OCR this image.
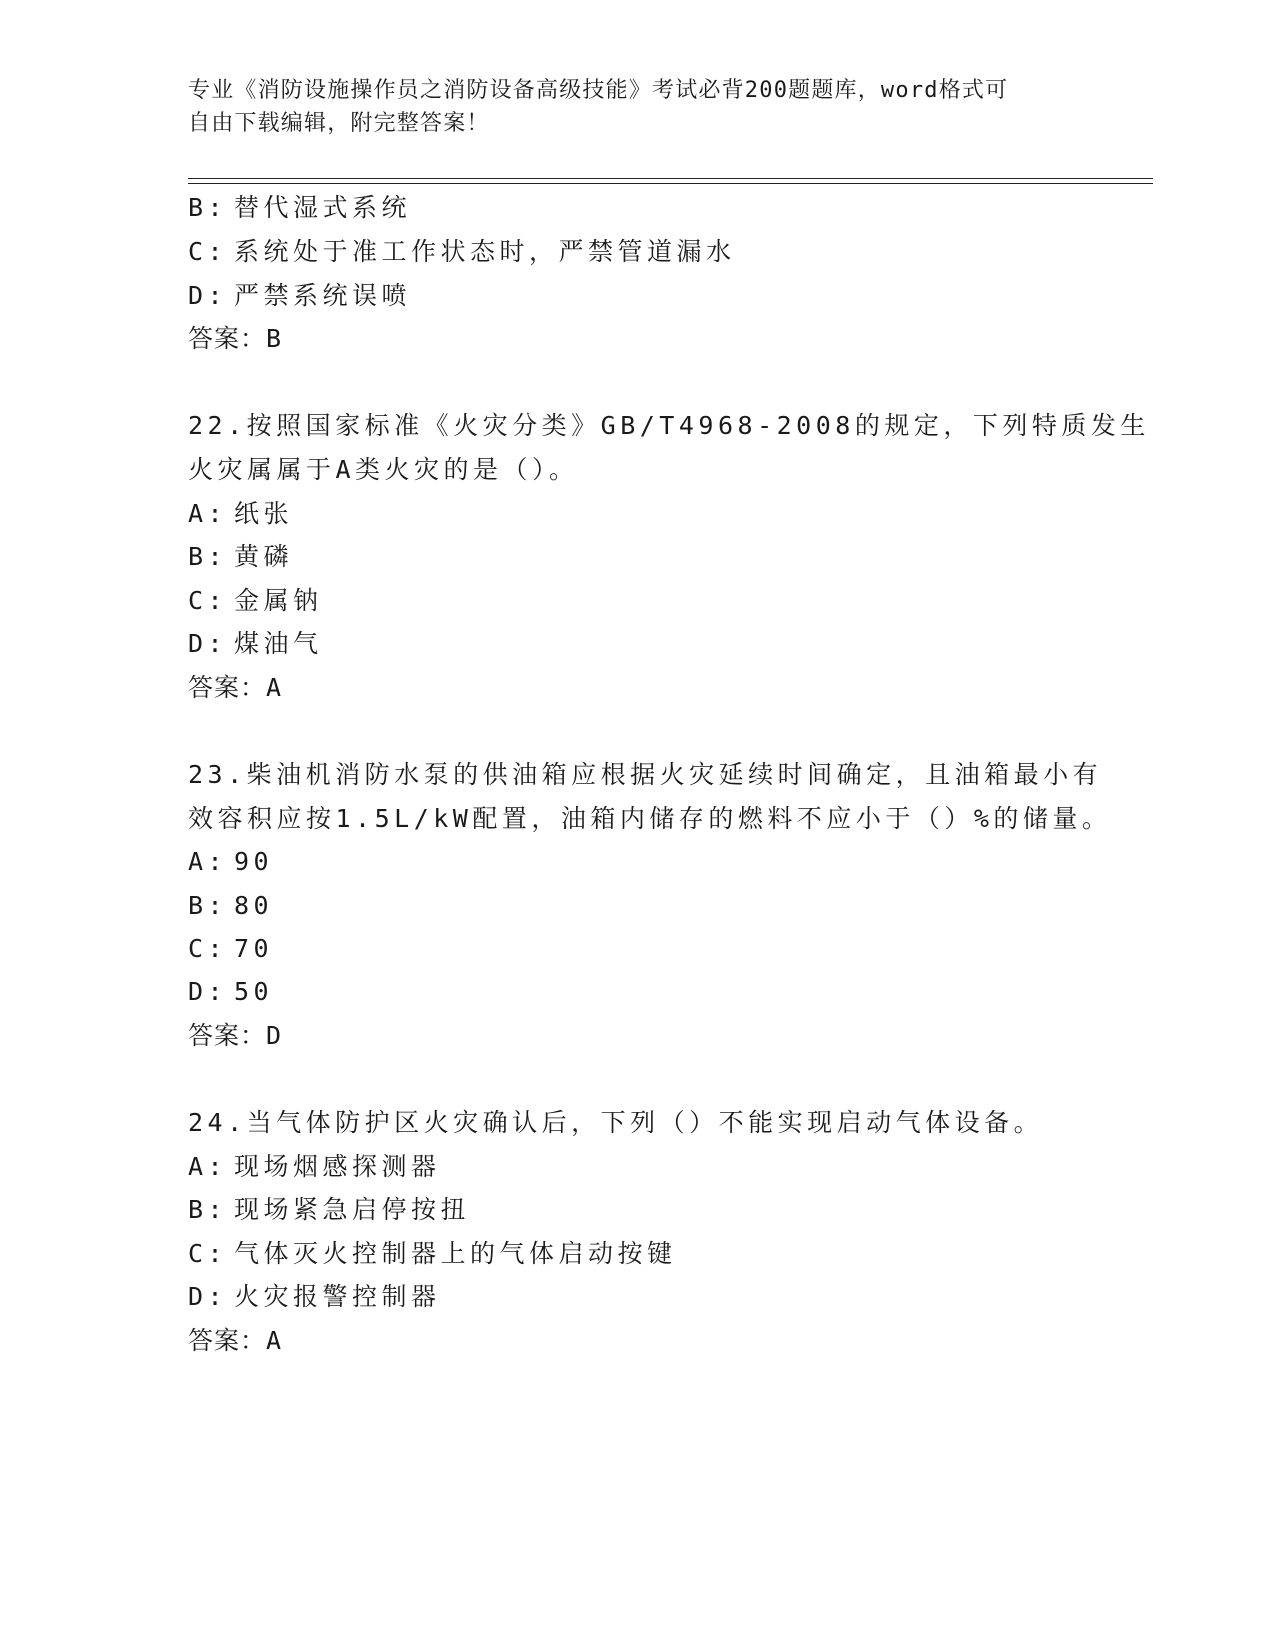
专业《消防设施操作员之消防设备高级技能》考试必背200题题库，word格式可
自由下载编辑，附完整答案！
B: 替代湿式系统
C: 系统处于准工作状态时，严禁管道漏水
D: 严禁系统误喷
答案：B
22.按照国家标准《火灾分类》GB/T4968-2008的规定，下列特质发生
火灾属属于A类火灾的是（）。
A: 纸张
B: 黄磷
C: 金属钠
D: 煤油气
答案：A
23.柴油机消防水泵的供油箱应根据火灾延续时间确定，且油箱最小有
效容积应按1.5L/kW配置，油箱内储存的燃料不应小于（）%的储量。
A: 90
B: 80
C: 70
D: 50
答案：D
24.当气体防护区火灾确认后，下列（）不能实现启动气体设备。
A: 现场烟感探测器
B: 现场紧急启停按扭
C: 气体灭火控制器上的气体启动按键
D: 火灾报警控制器
答案：A
